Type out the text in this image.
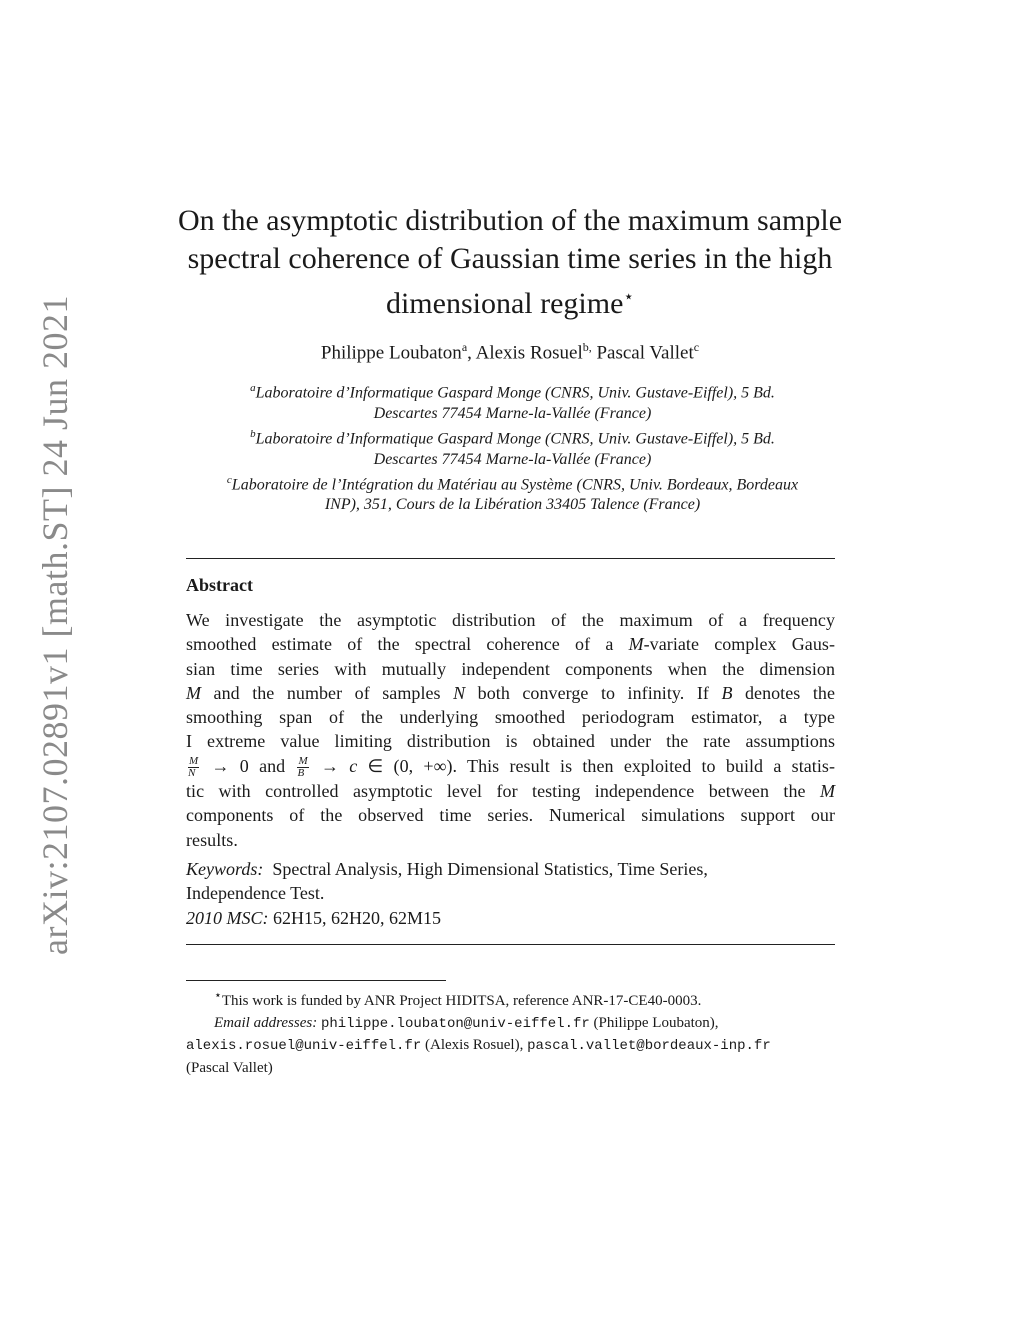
arXiv:2107.02891v1 [math.ST] 24 Jun 2021
On the asymptotic distribution of the maximum sample
spectral coherence of Gaussian time series in the high
dimensional regime⋆
Philippe Loubaton$^a$, Alexis Rosuel$^{b,}$ Pascal Vallet$^c$
$^a$Laboratoire d’Informatique Gaspard Monge (CNRS, Univ. Gustave-Eiffel), 5 Bd.
Descartes 77454 Marne-la-Vallée (France)
$^b$Laboratoire d’Informatique Gaspard Monge (CNRS, Univ. Gustave-Eiffel), 5 Bd.
Descartes 77454 Marne-la-Vallée (France)
$^c$Laboratoire de l’Intégration du Matériau au Système (CNRS, Univ. Bordeaux, Bordeaux
INP), 351, Cours de la Libération 33405 Talence (France)
Abstract
We investigate the asymptotic distribution of the maximum of a frequency
smoothed estimate of the spectral coherence of a M-variate complex Gaus-
sian time series with mutually independent components when the dimension
M and the number of samples N both converge to infinity. If B denotes the
smoothing span of the underlying smoothed periodogram estimator, a type
I extreme value limiting distribution is obtained under the rate assumptions
$\frac{M}{N} \to 0$ and $\frac{M}{B} \to c$ ∈ (0, +∞). This result is then exploited to build a statis-
tic with controlled asymptotic level for testing independence between the M
components of the observed time series. Numerical simulations support our
results.
Keywords: Spectral Analysis, High Dimensional Statistics, Time Series,
Independence Test.
2010 MSC: 62H15, 62H20, 62M15
⋆This work is funded by ANR Project HIDITSA, reference ANR-17-CE40-0003.
Email addresses: philippe.loubaton@univ-eiffel.fr (Philippe Loubaton),
alexis.rosuel@univ-eiffel.fr (Alexis Rosuel), pascal.vallet@bordeaux-inp.fr
(Pascal Vallet)
